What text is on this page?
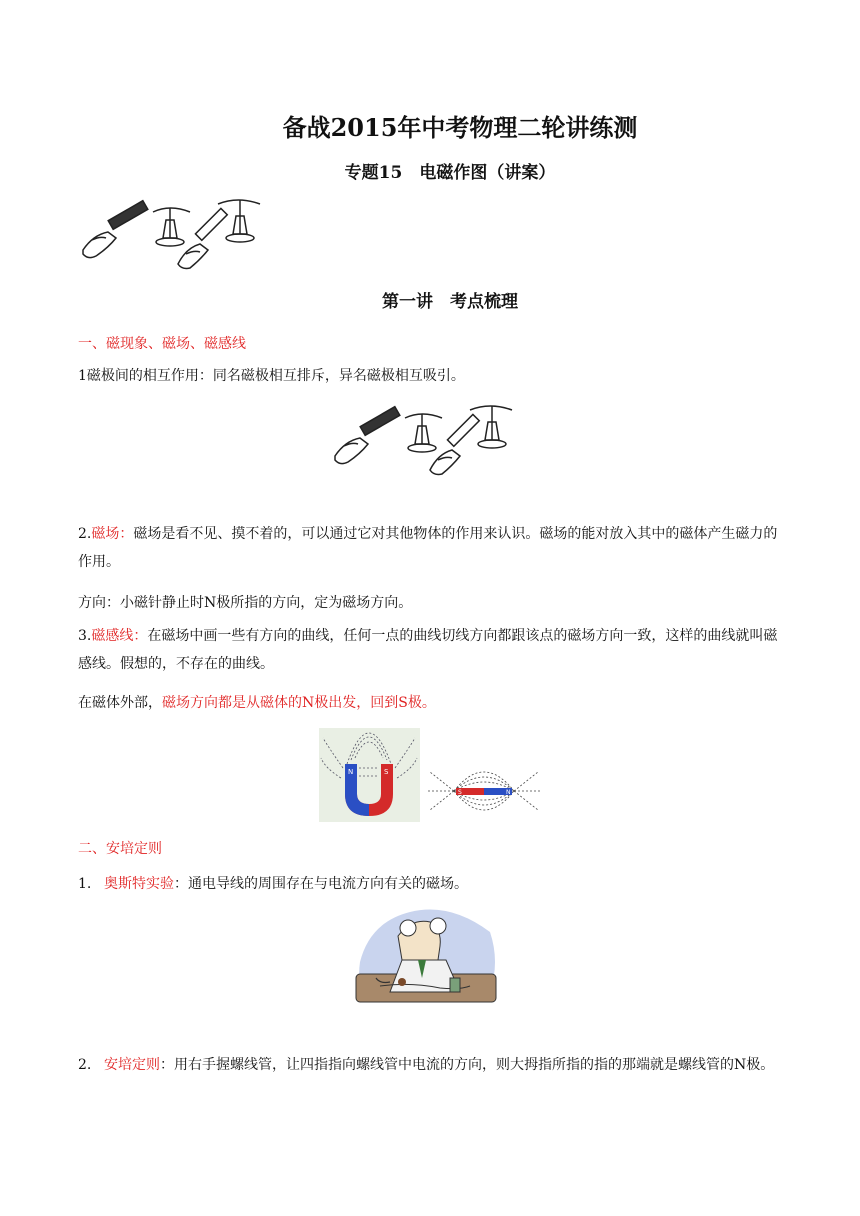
备战2015年中考物理二轮讲练测
专题15　电磁作图（讲案）
第一讲　考点梳理
一、磁现象、磁场、磁感线
1磁极间的相互作用：同名磁极相互排斥，异名磁极相互吸引。
2.磁场：磁场是看不见、摸不着的，可以通过它对其他物体的作用来认识。磁场的能对放入其中的磁体产生磁力的作用。
方向：小磁针静止时N极所指的方向，定为磁场方向。
3.磁感线：在磁场中画一些有方向的曲线，任何一点的曲线切线方向都跟该点的磁场方向一致，这样的曲线就叫磁感线。假想的，不存在的曲线。
在磁体外部，磁场方向都是从磁体的N极出发，回到S极。
N	S
S	N
二、安培定则
1. 奥斯特实验：通电导线的周围存在与电流方向有关的磁场。
2. 安培定则：用右手握螺线管，让四指指向螺线管中电流的方向，则大拇指所指的指的那端就是螺线管的N极。
